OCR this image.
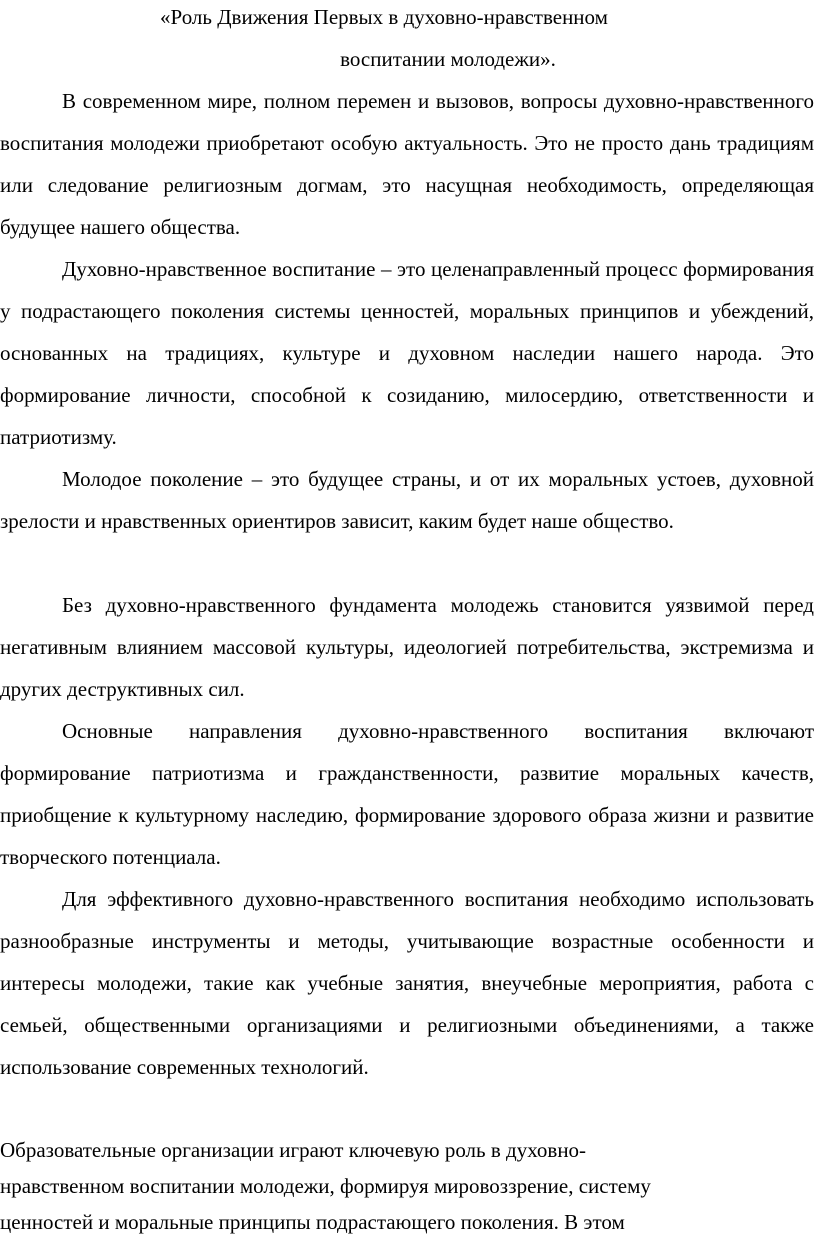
«Роль Движения Первых в духовно-нравственном
воспитании молодежи».

В современном мире, полном перемен и вызовов, вопросы духовно-нравственного воспитания молодежи приобретают особую актуальность. Это не просто дань традициям или следование религиозным догмам, это насущная необходимость, определяющая будущее нашего общества.

Духовно-нравственное воспитание – это целенаправленный процесс формирования у подрастающего поколения системы ценностей, моральных принципов и убеждений, основанных на традициях, культуре и духовном наследии нашего народа. Это формирование личности, способной к созиданию, милосердию, ответственности и патриотизму.

Молодое поколение – это будущее страны, и от их моральных устоев, духовной зрелости и нравственных ориентиров зависит, каким будет наше общество.

Без духовно-нравственного фундамента молодежь становится уязвимой перед негативным влиянием массовой культуры, идеологией потребительства, экстремизма и других деструктивных сил.

Основные направления духовно-нравственного воспитания включают формирование патриотизма и гражданственности, развитие моральных качеств, приобщение к культурному наследию, формирование здорового образа жизни и развитие творческого потенциала.

Для эффективного духовно-нравственного воспитания необходимо использовать разнообразные инструменты и методы, учитывающие возрастные особенности и интересы молодежи, такие как учебные занятия, внеучебные мероприятия, работа с семьей, общественными организациями и религиозными объединениями, а также использование современных технологий.

Образовательные организации играют ключевую роль в духовно-
нравственном воспитании молодежи, формируя мировоззрение, систему
ценностей и моральные принципы подрастающего поколения. В этом
